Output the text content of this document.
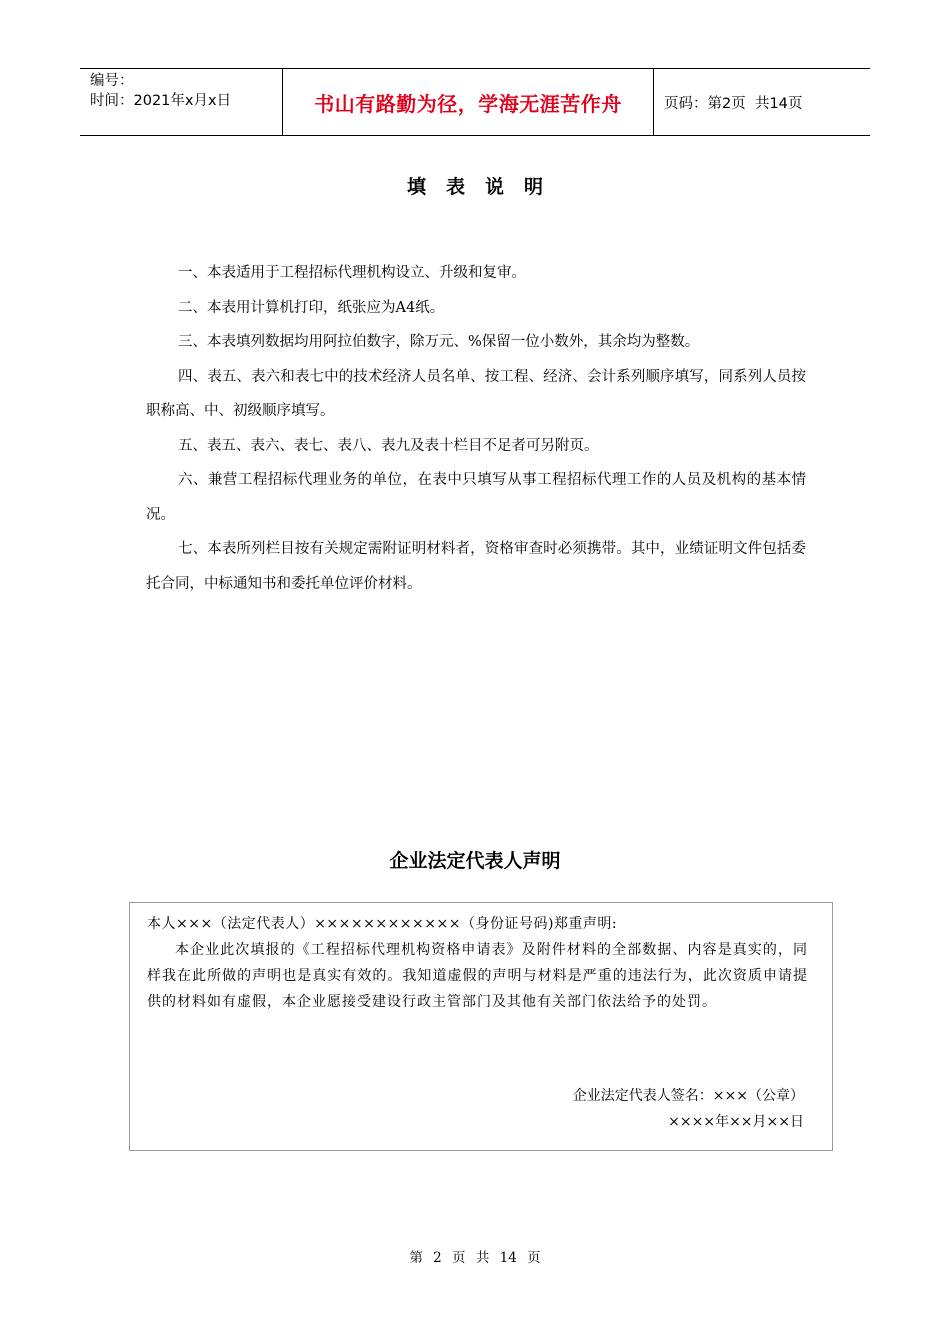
编号：
时间：2021年x月x日	书山有路勤为径，学海无涯苦作舟	页码：第2页  共14页
填表说明

一、本表适用于工程招标代理机构设立、升级和复审。

二、本表用计算机打印，纸张应为A4纸。

三、本表填列数据均用阿拉伯数字，除万元、%保留一位小数外，其余均为整数。

四、表五、表六和表七中的技术经济人员名单、按工程、经济、会计系列顺序填写，同系列人员按职称高、中、初级顺序填写。

五、表五、表六、表七、表八、表九及表十栏目不足者可另附页。

六、兼营工程招标代理业务的单位，在表中只填写从事工程招标代理工作的人员及机构的基本情况。

七、本表所列栏目按有关规定需附证明材料者，资格审查时必须携带。其中，业绩证明文件包括委托合同，中标通知书和委托单位评价材料。

企业法定代表人声明

本人×××（法定代表人）××××××××××××（身份证号码)郑重声明:

本企业此次填报的《工程招标代理机构资格申请表》及附件材料的全部数据、内容是真实的，同样我在此所做的声明也是真实有效的。我知道虚假的声明与材料是严重的违法行为，此次资质申请提供的材料如有虚假，本企业愿接受建设行政主管部门及其他有关部门依法给予的处罚。

企业法定代表人签名：×××（公章）
××××年××月××日
第 2 页 共 14 页
